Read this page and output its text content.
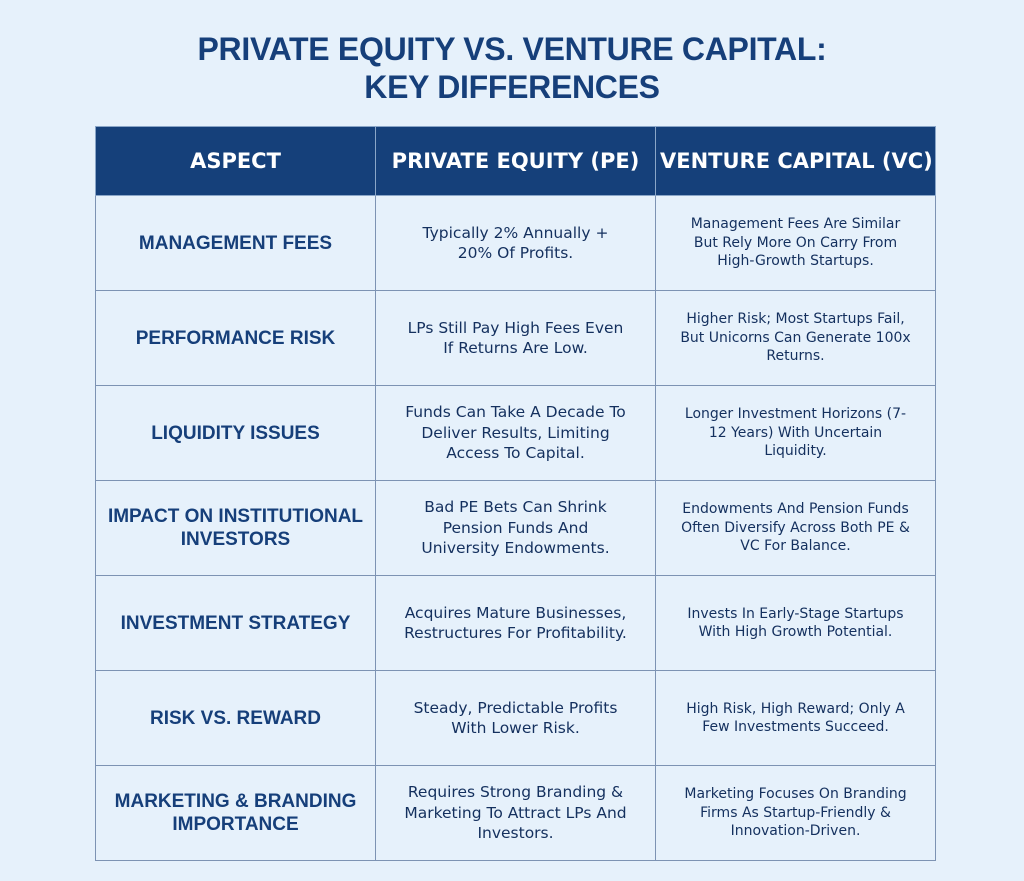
PRIVATE EQUITY VS. VENTURE CAPITAL:
KEY DIFFERENCES
ASPECT	PRIVATE EQUITY (PE)	VENTURE CAPITAL (VC)
MANAGEMENT FEES	Typically 2% Annually + 20% Of Profits.	Management Fees Are Similar But Rely More On Carry From High-Growth Startups.
PERFORMANCE RISK	LPs Still Pay High Fees Even If Returns Are Low.	Higher Risk; Most Startups Fail, But Unicorns Can Generate 100x Returns.
LIQUIDITY ISSUES	Funds Can Take A Decade To Deliver Results, Limiting Access To Capital.	Longer Investment Horizons (7-12 Years) With Uncertain Liquidity.
IMPACT ON INSTITUTIONAL INVESTORS	Bad PE Bets Can Shrink Pension Funds And University Endowments.	Endowments And Pension Funds Often Diversify Across Both PE & VC For Balance.
INVESTMENT STRATEGY	Acquires Mature Businesses, Restructures For Profitability.	Invests In Early-Stage Startups With High Growth Potential.
RISK VS. REWARD	Steady, Predictable Profits With Lower Risk.	High Risk, High Reward; Only A Few Investments Succeed.
MARKETING & BRANDING IMPORTANCE	Requires Strong Branding & Marketing To Attract LPs And Investors.	Marketing Focuses On Branding Firms As Startup-Friendly & Innovation-Driven.
